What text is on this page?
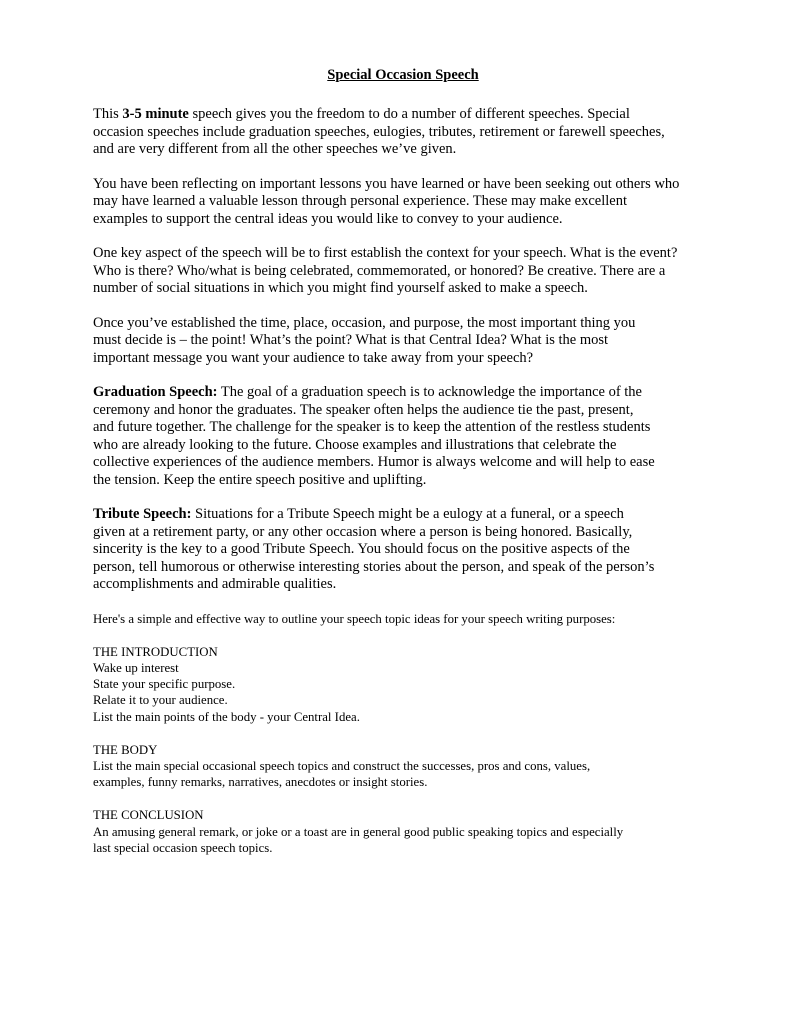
Special Occasion Speech

This 3-5 minute speech gives you the freedom to do a number of different speeches. Special
occasion speeches include graduation speeches, eulogies, tributes, retirement or farewell speeches,
and are very different from all the other speeches we’ve given.

You have been reflecting on important lessons you have learned or have been seeking out others who
may have learned a valuable lesson through personal experience. These may make excellent
examples to support the central ideas you would like to convey to your audience.

One key aspect of the speech will be to first establish the context for your speech. What is the event?
Who is there? Who/what is being celebrated, commemorated, or honored? Be creative. There are a
number of social situations in which you might find yourself asked to make a speech.

Once you’ve established the time, place, occasion, and purpose, the most important thing you
must decide is – the point! What’s the point? What is that Central Idea? What is the most
important message you want your audience to take away from your speech?

Graduation Speech: The goal of a graduation speech is to acknowledge the importance of the
ceremony and honor the graduates. The speaker often helps the audience tie the past, present,
and future together. The challenge for the speaker is to keep the attention of the restless students
who are already looking to the future. Choose examples and illustrations that celebrate the
collective experiences of the audience members. Humor is always welcome and will help to ease
the tension. Keep the entire speech positive and uplifting.

Tribute Speech: Situations for a Tribute Speech might be a eulogy at a funeral, or a speech
given at a retirement party, or any other occasion where a person is being honored. Basically,
sincerity is the key to a good Tribute Speech. You should focus on the positive aspects of the
person, tell humorous or otherwise interesting stories about the person, and speak of the person’s
accomplishments and admirable qualities.

Here's a simple and effective way to outline your speech topic ideas for your speech writing purposes:

THE INTRODUCTION
Wake up interest
State your specific purpose.
Relate it to your audience.
List the main points of the body - your Central Idea.

THE BODY
List the main special occasional speech topics and construct the successes, pros and cons, values,
examples, funny remarks, narratives, anecdotes or insight stories.

THE CONCLUSION
An amusing general remark, or joke or a toast are in general good public speaking topics and especially
last special occasion speech topics.
